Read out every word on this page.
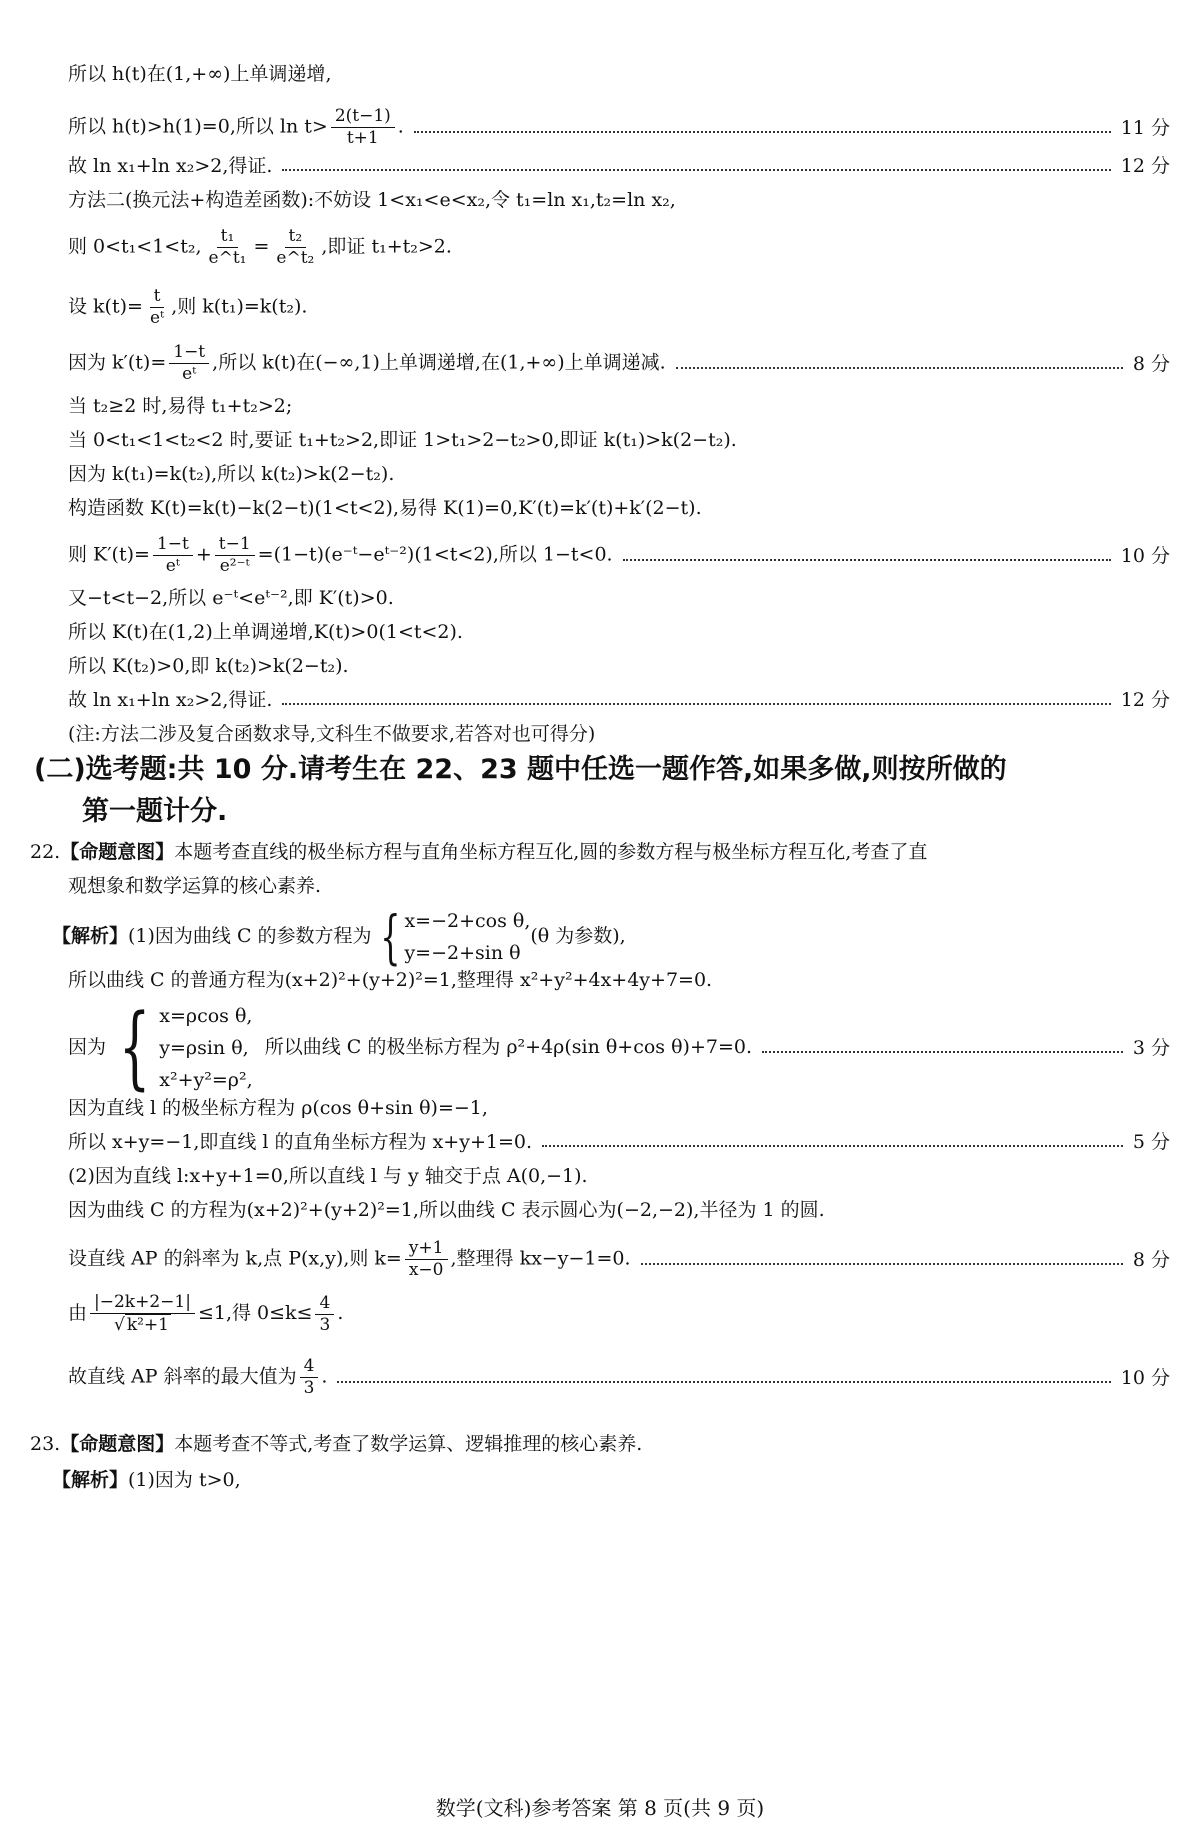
所以 h(t)在(1,+∞)上单调递增,
所以 h(t)>h(1)=0,所以 $\ln t> \frac{2(t-1)}{t+1}$ .	11 分
故 ln x₁+ln x₂>2,得证.	12 分
方法二(换元法+构造差函数):不妨设 1<x₁<e<x₂,令 t₁=ln x₁,t₂=ln x₂,
则 0<t₁<1<t₂, $\frac{\text{t₁}}{\text{e\textasciicircum{}t₁}} = \frac{\text{t₂}}{\text{e\textasciicircum{}t₂}}$ ,即证 t₁+t₂>2.
设 $k(t)= \frac{t}{\text{eᵗ}}$ ,则 k(t₁)=k(t₂).
因为 $k'(t)= \frac{1-t}{\text{eᵗ}}$ ,所以 k(t)在(−∞,1)上单调递增,在(1,+∞)上单调递减.	8 分
当 t₂≥2 时,易得 t₁+t₂>2;
当 0<t₁<1<t₂<2 时,要证 t₁+t₂>2,即证 1>t₁>2−t₂>0,即证 k(t₁)>k(2−t₂).
因为 k(t₁)=k(t₂),所以 k(t₂)>k(2−t₂).
构造函数 K(t)=k(t)−k(2−t)(1<t<2),易得 K(1)=0,K′(t)=k′(t)+k′(2−t).
则 $K'(t)= \frac{1-t}{\text{eᵗ}} + \frac{t-1}{\text{e²⁻ᵗ}}$ =(1−t)(e⁻ᵗ−eᵗ⁻²)(1<t<2),所以 1−t<0.	10 分
又−t<t−2,所以 e⁻ᵗ<eᵗ⁻²,即 K′(t)>0.
所以 K(t)在(1,2)上单调递增,K(t)>0(1<t<2).
所以 K(t₂)>0,即 k(t₂)>k(2−t₂).
故 ln x₁+ln x₂>2,得证.	12 分
(注:方法二涉及复合函数求导,文科生不做要求,若答对也可得分)
(二)选考题:共 10 分.请考生在 22、23 题中任选一题作答,如果多做,则按所做的
第一题计分.
22.【命题意图】本题考查直线的极坐标方程与直角坐标方程互化,圆的参数方程与极坐标方程互化,考查了直
观想象和数学运算的核心素养.
【解析】(1)因为曲线 C 的参数方程为 { x=−2+cos θ,
y=−2+sin θ
(θ 为参数),
所以曲线 C 的普通方程为(x+2)²+(y+2)²=1,整理得 x²+y²+4x+4y+7=0.
因为 { x=ρcos θ,
y=ρsin θ,
x²+y²=ρ²,
所以曲线 C 的极坐标方程为 ρ²+4ρ(sin θ+cos θ)+7=0.	3 分
因为直线 l 的极坐标方程为 ρ(cos θ+sin θ)=−1,
所以 x+y=−1,即直线 l 的直角坐标方程为 x+y+1=0.	5 分
(2)因为直线 l:x+y+1=0,所以直线 l 与 y 轴交于点 A(0,−1).
因为曲线 C 的方程为(x+2)²+(y+2)²=1,所以曲线 C 表示圆心为(−2,−2),半径为 1 的圆.
设直线 AP 的斜率为 k,点 P(x,y),则 $k= \frac{y+1}{x-0}$ ,整理得 kx−y−1=0.	8 分
由 $\frac{|-2k+2-1|}{\text{√ k²+1}} \le 1$,得 $0\le k\le \frac{4}{3}$ .
故直线 AP 斜率的最大值为 $\frac{4}{3}$ .	10 分
23.【命题意图】本题考查不等式,考查了数学运算、逻辑推理的核心素养.
【解析】(1)因为 t>0,
数学(文科)参考答案 第 8 页(共 9 页)
